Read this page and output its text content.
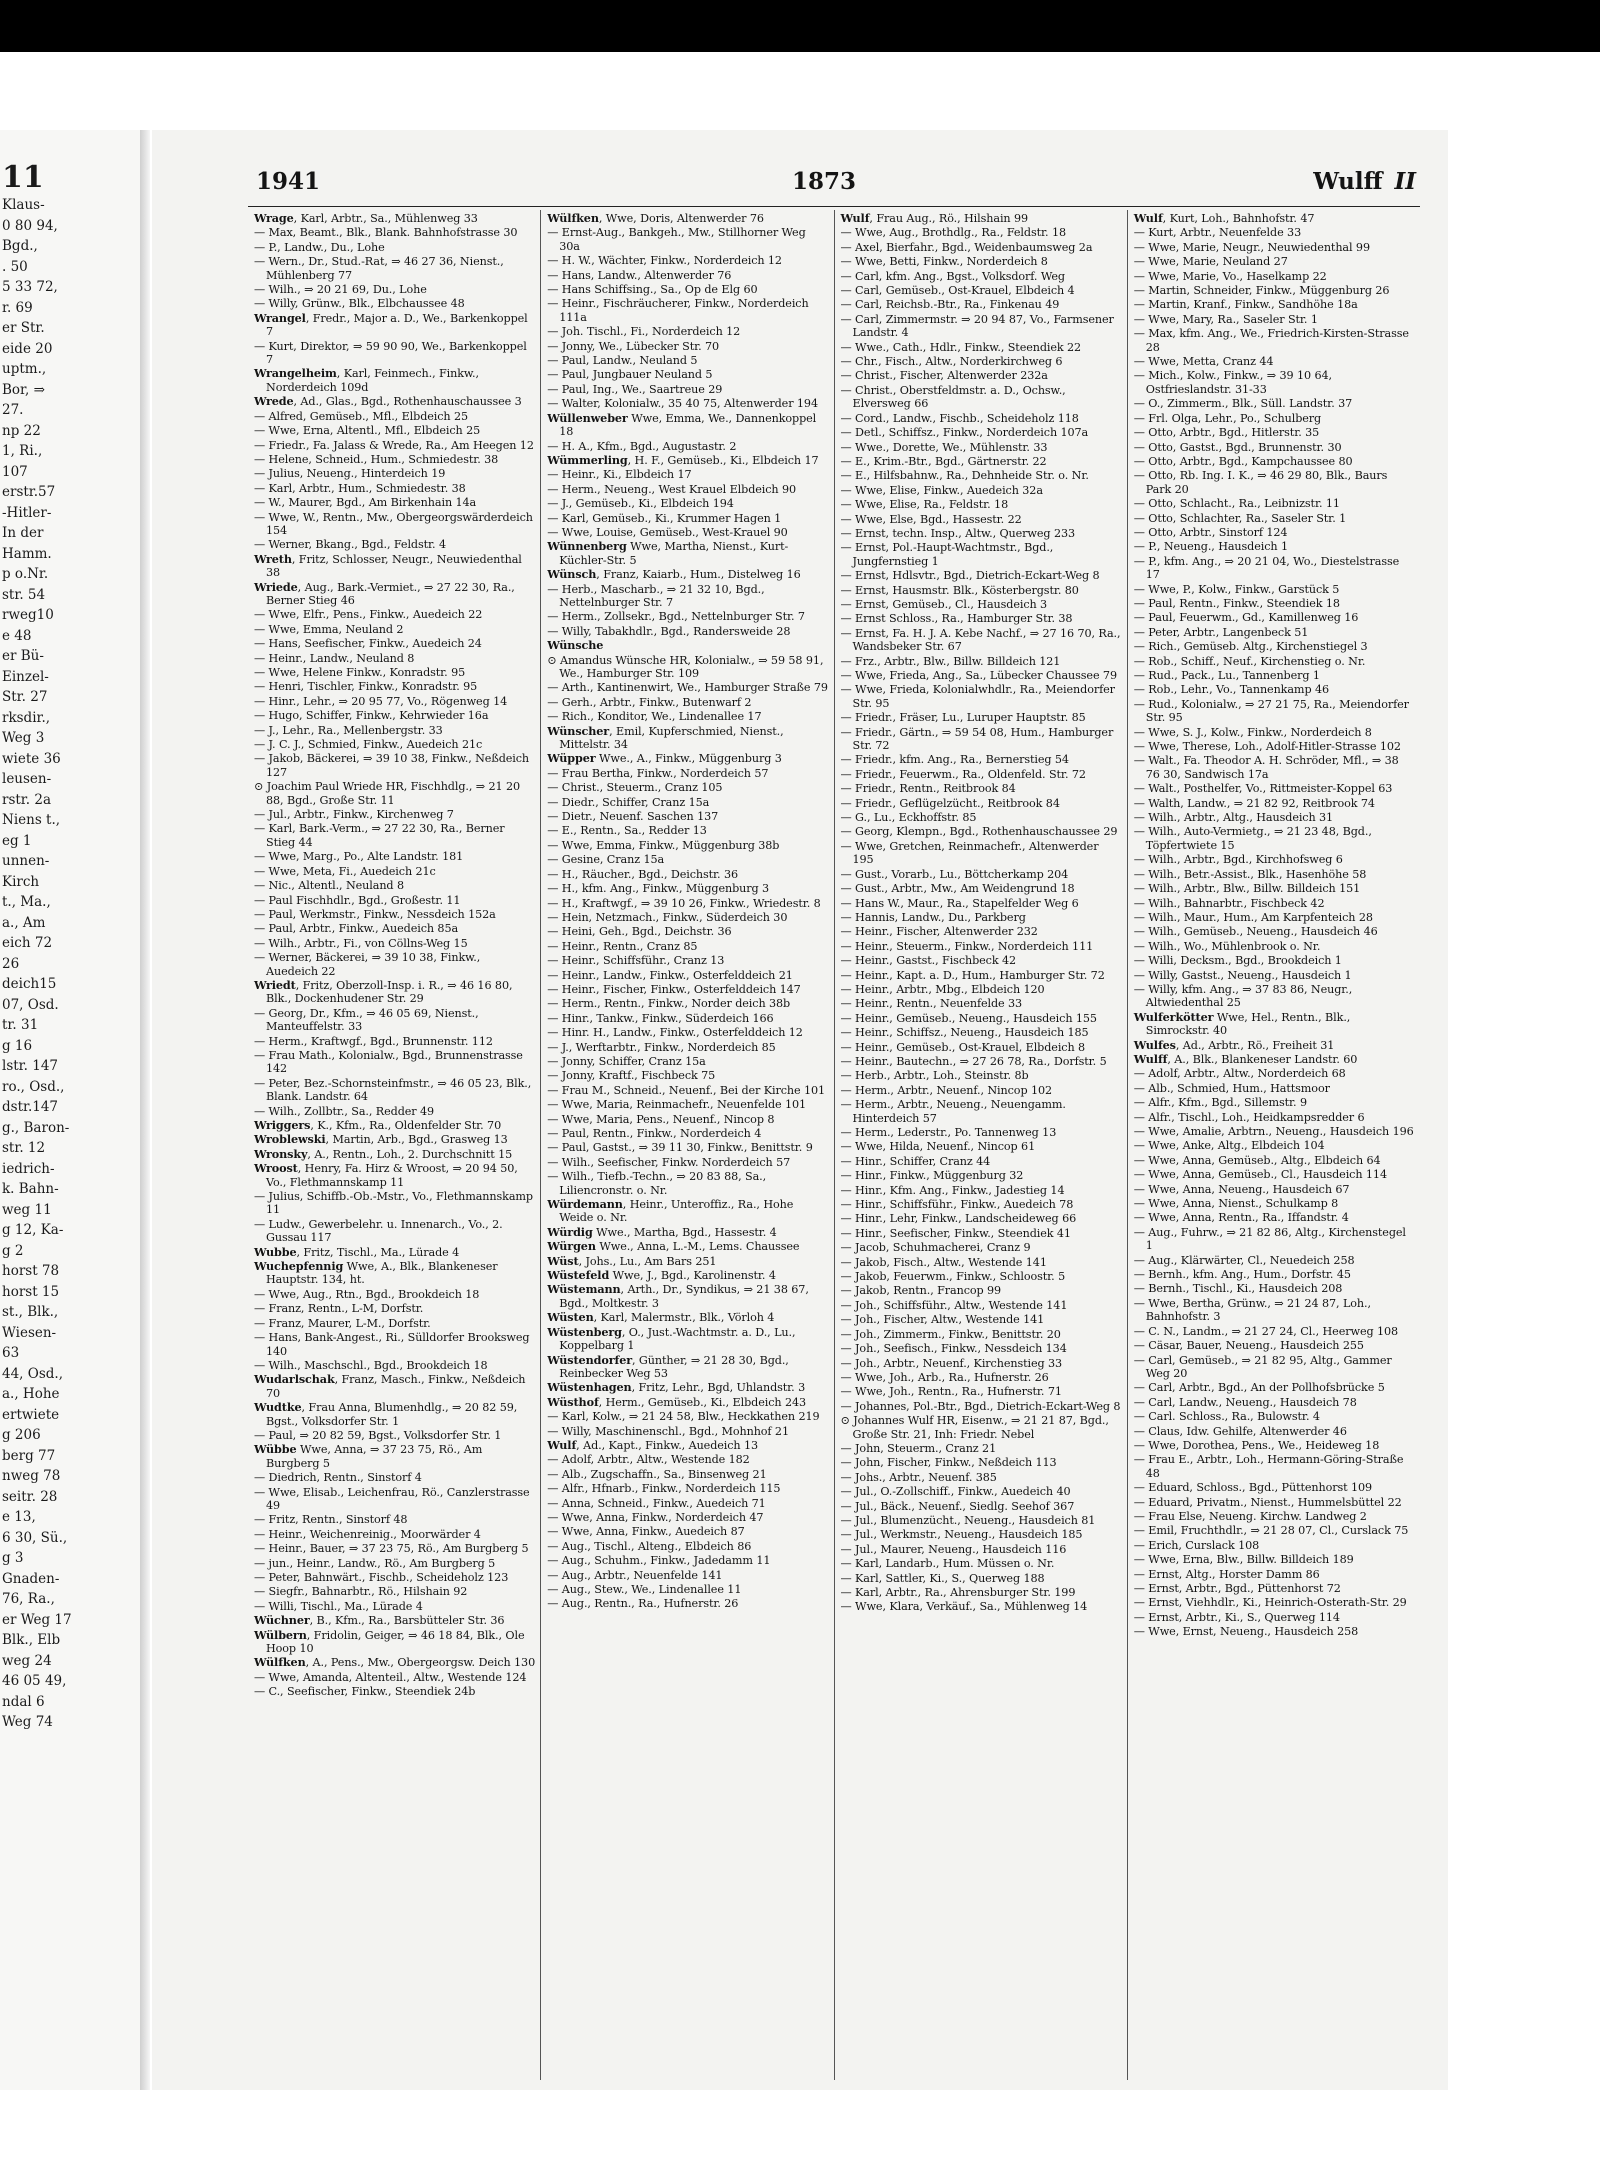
11
Klaus-
0 80 94,
Bgd.,
. 50
5 33 72,
r. 69
er Str.
eide 20
uptm.,
Bor, ⇒
27.
np 22
1, Ri.,
107
erstr.57
-Hitler-
In der
Hamm.
p o.Nr.
str. 54
rweg10
e 48
er Bü-
Einzel-
Str. 27
rksdir.,
Weg 3
wiete 36
leusen-
rstr. 2a
Niens t.,
eg 1
unnen-
Kirch
t., Ma.,
a., Am
eich 72
26
deich15
07, Osd.
tr. 31
g 16
lstr. 147
ro., Osd.,
dstr.147
g., Baron-
str. 12
iedrich-
k. Bahn-
weg 11
g 12, Ka-
g 2
horst 78
horst 15
st., Blk.,
Wiesen-
63
44, Osd.,
a., Hohe
ertwiete
g 206
berg 77
nweg 78
seitr. 28
e 13,
6 30, Sü.,
g 3
Gnaden-
76, Ra.,
er Weg 17
Blk., Elb
weg 24
46 05 49,
ndal 6
Weg 74
1941	1873	Wulff II
Wrage, Karl, Arbtr., Sa., Mühlenweg 33
— Max, Beamt., Blk., Blank. Bahnhofstrasse 30
— P., Landw., Du., Lohe
— Wern., Dr., Stud.-Rat, ⇒ 46 27 36, Nienst., Mühlenberg 77
— Wilh., ⇒ 20 21 69, Du., Lohe
— Willy, Grünw., Blk., Elbchaussee 48
Wrangel, Fredr., Major a. D., We., Barkenkoppel 7
— Kurt, Direktor, ⇒ 59 90 90, We., Barkenkoppel 7
Wrangelheim, Karl, Feinmech., Finkw., Norderdeich 109d
Wrede, Ad., Glas., Bgd., Rothenhauschaussee 3
— Alfred, Gemüseb., Mfl., Elbdeich 25
— Wwe, Erna, Altentl., Mfl., Elbdeich 25
— Friedr., Fa. Jalass & Wrede, Ra., Am Heegen 12
— Helene, Schneid., Hum., Schmiedestr. 38
— Julius, Neueng., Hinterdeich 19
— Karl, Arbtr., Hum., Schmiedestr. 38
— W., Maurer, Bgd., Am Birkenhain 14a
— Wwe, W., Rentn., Mw., Obergeorgswärderdeich 154
— Werner, Bkang., Bgd., Feldstr. 4
Wreth, Fritz, Schlosser, Neugr., Neuwiedenthal 38
Wriede, Aug., Bark.-Vermiet., ⇒ 27 22 30, Ra., Berner Stieg 46
— Wwe, Elfr., Pens., Finkw., Auedeich 22
— Wwe, Emma, Neuland 2
— Hans, Seefischer, Finkw., Auedeich 24
— Heinr., Landw., Neuland 8
— Wwe, Helene Finkw., Konradstr. 95
— Henri, Tischler, Finkw., Konradstr. 95
— Hinr., Lehr., ⇒ 20 95 77, Vo., Rögenweg 14
— Hugo, Schiffer, Finkw., Kehrwieder 16a
— J., Lehr., Ra., Mellenbergstr. 33
— J. C. J., Schmied, Finkw., Auedeich 21c
— Jakob, Bäckerei, ⇒ 39 10 38, Finkw., Neßdeich 127
⊙ Joachim Paul Wriede HR, Fischhdlg., ⇒ 21 20 88, Bgd., Große Str. 11
— Jul., Arbtr., Finkw., Kirchenweg 7
— Karl, Bark.-Verm., ⇒ 27 22 30, Ra., Berner Stieg 44
— Wwe, Marg., Po., Alte Landstr. 181
— Wwe, Meta, Fi., Auedeich 21c
— Nic., Altentl., Neuland 8
— Paul Fischhdlr., Bgd., Großestr. 11
— Paul, Werkmstr., Finkw., Nessdeich 152a
— Paul, Arbtr., Finkw., Auedeich 85a
— Wilh., Arbtr., Fi., von Cöllns-Weg 15
— Werner, Bäckerei, ⇒ 39 10 38, Finkw., Auedeich 22
Wriedt, Fritz, Oberzoll-Insp. i. R., ⇒ 46 16 80, Blk., Dockenhudener Str. 29
— Georg, Dr., Kfm., ⇒ 46 05 69, Nienst., Manteuffelstr. 33
— Herm., Kraftwgf., Bgd., Brunnenstr. 112
— Frau Math., Kolonialw., Bgd., Brunnenstrasse 142
— Peter, Bez.-Schornsteinfmstr., ⇒ 46 05 23, Blk., Blank. Landstr. 64
— Wilh., Zollbtr., Sa., Redder 49
Wriggers, K., Kfm., Ra., Oldenfelder Str. 70
Wroblewski, Martin, Arb., Bgd., Grasweg 13
Wronsky, A., Rentn., Loh., 2. Durchschnitt 15
Wroost, Henry, Fa. Hirz & Wroost, ⇒ 20 94 50, Vo., Flethmannskamp 11
— Julius, Schiffb.-Ob.-Mstr., Vo., Flethmannskamp 11
— Ludw., Gewerbelehr. u. Innenarch., Vo., 2. Gussau 117
Wubbe, Fritz, Tischl., Ma., Lürade 4
Wuchepfennig Wwe, A., Blk., Blankeneser Hauptstr. 134, ht.
— Wwe, Aug., Rtn., Bgd., Brookdeich 18
— Franz, Rentn., L-M, Dorfstr.
— Franz, Maurer, L-M., Dorfstr.
— Hans, Bank-Angest., Ri., Sülldorfer Brooksweg 140
— Wilh., Maschschl., Bgd., Brookdeich 18
Wudarlschak, Franz, Masch., Finkw., Neßdeich 70
Wudtke, Frau Anna, Blumenhdlg., ⇒ 20 82 59, Bgst., Volksdorfer Str. 1
— Paul, ⇒ 20 82 59, Bgst., Volksdorfer Str. 1
Wübbe Wwe, Anna, ⇒ 37 23 75, Rö., Am Burgberg 5
— Diedrich, Rentn., Sinstorf 4
— Wwe, Elisab., Leichenfrau, Rö., Canzlerstrasse 49
— Fritz, Rentn., Sinstorf 48
— Heinr., Weichenreinig., Moorwärder 4
— Heinr., Bauer, ⇒ 37 23 75, Rö., Am Burgberg 5
— jun., Heinr., Landw., Rö., Am Burgberg 5
— Peter, Bahnwärt., Fischb., Scheideholz 123
— Siegfr., Bahnarbtr., Rö., Hilshain 92
— Willi, Tischl., Ma., Lürade 4
Wüchner, B., Kfm., Ra., Barsbütteler Str. 36
Wülbern, Fridolin, Geiger, ⇒ 46 18 84, Blk., Ole Hoop 10
Wülfken, A., Pens., Mw., Obergeorgsw. Deich 130
— Wwe, Amanda, Altenteil., Altw., Westende 124
— C., Seefischer, Finkw., Steendiek 24b
Wülfken, Wwe, Doris, Altenwerder 76
— Ernst-Aug., Bankgeh., Mw., Stillhorner Weg 30a
— H. W., Wächter, Finkw., Norderdeich 12
— Hans, Landw., Altenwerder 76
— Hans Schiffsing., Sa., Op de Elg 60
— Heinr., Fischräucherer, Finkw., Norderdeich 111a
— Joh. Tischl., Fi., Norderdeich 12
— Jonny, We., Lübecker Str. 70
— Paul, Landw., Neuland 5
— Paul, Jungbauer Neuland 5
— Paul, Ing., We., Saartreue 29
— Walter, Kolonialw., 35 40 75, Altenwerder 194
Wüllenweber Wwe, Emma, We., Dannenkoppel 18
— H. A., Kfm., Bgd., Augustastr. 2
Wümmerling, H. F., Gemüseb., Ki., Elbdeich 17
— Heinr., Ki., Elbdeich 17
— Herm., Neueng., West Krauel Elbdeich 90
— J., Gemüseb., Ki., Elbdeich 194
— Karl, Gemüseb., Ki., Krummer Hagen 1
— Wwe, Louise, Gemüseb., West-Krauel 90
Wünnenberg Wwe, Martha, Nienst., Kurt-Küchler-Str. 5
Wünsch, Franz, Kaiarb., Hum., Distelweg 16
— Herb., Mascharb., ⇒ 21 32 10, Bgd., Nettelnburger Str. 7
— Herm., Zollsekr., Bgd., Nettelnburger Str. 7
— Willy, Tabakhdlr., Bgd., Randersweide 28
Wünsche
⊙ Amandus Wünsche HR, Kolonialw., ⇒ 59 58 91, We., Hamburger Str. 109
— Arth., Kantinenwirt, We., Hamburger Straße 79
— Gerh., Arbtr., Finkw., Butenwarf 2
— Rich., Konditor, We., Lindenallee 17
Wünscher, Emil, Kupferschmied, Nienst., Mittelstr. 34
Wüpper Wwe., A., Finkw., Müggenburg 3
— Frau Bertha, Finkw., Norderdeich 57
— Christ., Steuerm., Cranz 105
— Diedr., Schiffer, Cranz 15a
— Dietr., Neuenf. Saschen 137
— E., Rentn., Sa., Redder 13
— Wwe, Emma, Finkw., Müggenburg 38b
— Gesine, Cranz 15a
— H., Räucher., Bgd., Deichstr. 36
— H., kfm. Ang., Finkw., Müggenburg 3
— H., Kraftwgf., ⇒ 39 10 26, Finkw., Wriedestr. 8
— Hein, Netzmach., Finkw., Süderdeich 30
— Heini, Geh., Bgd., Deichstr. 36
— Heinr., Rentn., Cranz 85
— Heinr., Schiffsführ., Cranz 13
— Heinr., Landw., Finkw., Osterfelddeich 21
— Heinr., Fischer, Finkw., Osterfelddeich 147
— Herm., Rentn., Finkw., Norder deich 38b
— Hinr., Tankw., Finkw., Süderdeich 166
— Hinr. H., Landw., Finkw., Osterfelddeich 12
— J., Werftarbtr., Finkw., Norderdeich 85
— Jonny, Schiffer, Cranz 15a
— Jonny, Kraftf., Fischbeck 75
— Frau M., Schneid., Neuenf., Bei der Kirche 101
— Wwe, Maria, Reinmachefr., Neuenfelde 101
— Wwe, Maria, Pens., Neuenf., Nincop 8
— Paul, Rentn., Finkw., Norderdeich 4
— Paul, Gastst., ⇒ 39 11 30, Finkw., Benittstr. 9
— Wilh., Seefischer, Finkw. Norderdeich 57
— Wilh., Tiefb.-Techn., ⇒ 20 83 88, Sa., Liliencronstr. o. Nr.
Würdemann, Heinr., Unteroffiz., Ra., Hohe Weide o. Nr.
Würdig Wwe., Martha, Bgd., Hassestr. 4
Würgen Wwe., Anna, L.-M., Lems. Chaussee
Wüst, Johs., Lu., Am Bars 251
Wüstefeld Wwe, J., Bgd., Karolinenstr. 4
Wüstemann, Arth., Dr., Syndikus, ⇒ 21 38 67, Bgd., Moltkestr. 3
Wüsten, Karl, Malermstr., Blk., Vörloh 4
Wüstenberg, O., Just.-Wachtmstr. a. D., Lu., Koppelbarg 1
Wüstendorfer, Günther, ⇒ 21 28 30, Bgd., Reinbecker Weg 53
Wüstenhagen, Fritz, Lehr., Bgd, Uhlandstr. 3
Wüsthof, Herm., Gemüseb., Ki., Elbdeich 243
— Karl, Kolw., ⇒ 21 24 58, Blw., Heckkathen 219
— Willy, Maschinenschl., Bgd., Mohnhof 21
Wulf, Ad., Kapt., Finkw., Auedeich 13
— Adolf, Arbtr., Altw., Westende 182
— Alb., Zugschaffn., Sa., Binsenweg 21
— Alfr., Hfnarb., Finkw., Norderdeich 115
— Anna, Schneid., Finkw., Auedeich 71
— Wwe, Anna, Finkw., Norderdeich 47
— Wwe, Anna, Finkw., Auedeich 87
— Aug., Tischl., Alteng., Elbdeich 86
— Aug., Schuhm., Finkw., Jadedamm 11
— Aug., Arbtr., Neuenfelde 141
— Aug., Stew., We., Lindenallee 11
— Aug., Rentn., Ra., Hufnerstr. 26
Wulf, Frau Aug., Rö., Hilshain 99
— Wwe, Aug., Brothdlg., Ra., Feldstr. 18
— Axel, Bierfahr., Bgd., Weidenbaumsweg 2a
— Wwe, Betti, Finkw., Norderdeich 8
— Carl, kfm. Ang., Bgst., Volksdorf. Weg
— Carl, Gemüseb., Ost-Krauel, Elbdeich 4
— Carl, Reichsb.-Btr., Ra., Finkenau 49
— Carl, Zimmermstr. ⇒ 20 94 87, Vo., Farmsener Landstr. 4
— Wwe., Cath., Hdlr., Finkw., Steendiek 22
— Chr., Fisch., Altw., Norderkirchweg 6
— Christ., Fischer, Altenwerder 232a
— Christ., Oberstfeldmstr. a. D., Ochsw., Elversweg 66
— Cord., Landw., Fischb., Scheideholz 118
— Detl., Schiffsz., Finkw., Norderdeich 107a
— Wwe., Dorette, We., Mühlenstr. 33
— E., Krim.-Btr., Bgd., Gärtnerstr. 22
— E., Hilfsbahnw., Ra., Dehnheide Str. o. Nr.
— Wwe, Elise, Finkw., Auedeich 32a
— Wwe, Elise, Ra., Feldstr. 18
— Wwe, Else, Bgd., Hassestr. 22
— Ernst, techn. Insp., Altw., Querweg 233
— Ernst, Pol.-Haupt-Wachtmstr., Bgd., Jungfernstieg 1
— Ernst, Hdlsvtr., Bgd., Dietrich-Eckart-Weg 8
— Ernst, Hausmstr. Blk., Kösterbergstr. 80
— Ernst, Gemüseb., Cl., Hausdeich 3
— Ernst Schloss., Ra., Hamburger Str. 38
— Ernst, Fa. H. J. A. Kebe Nachf., ⇒ 27 16 70, Ra., Wandsbeker Str. 67
— Frz., Arbtr., Blw., Billw. Billdeich 121
— Wwe, Frieda, Ang., Sa., Lübecker Chaussee 79
— Wwe, Frieda, Kolonialwhdlr., Ra., Meiendorfer Str. 95
— Friedr., Fräser, Lu., Luruper Hauptstr. 85
— Friedr., Gärtn., ⇒ 59 54 08, Hum., Hamburger Str. 72
— Friedr., kfm. Ang., Ra., Bernerstieg 54
— Friedr., Feuerwm., Ra., Oldenfeld. Str. 72
— Friedr., Rentn., Reitbrook 84
— Friedr., Geflügelzücht., Reitbrook 84
— G., Lu., Eckhoffstr. 85
— Georg, Klempn., Bgd., Rothenhauschaussee 29
— Wwe, Gretchen, Reinmachefr., Altenwerder 195
— Gust., Vorarb., Lu., Böttcherkamp 204
— Gust., Arbtr., Mw., Am Weidengrund 18
— Hans W., Maur., Ra., Stapelfelder Weg 6
— Hannis, Landw., Du., Parkberg
— Heinr., Fischer, Altenwerder 232
— Heinr., Steuerm., Finkw., Norderdeich 111
— Heinr., Gastst., Fischbeck 42
— Heinr., Kapt. a. D., Hum., Hamburger Str. 72
— Heinr., Arbtr., Mbg., Elbdeich 120
— Heinr., Rentn., Neuenfelde 33
— Heinr., Gemüseb., Neueng., Hausdeich 155
— Heinr., Schiffsz., Neueng., Hausdeich 185
— Heinr., Gemüseb., Ost-Krauel, Elbdeich 8
— Heinr., Bautechn., ⇒ 27 26 78, Ra., Dorfstr. 5
— Herb., Arbtr., Loh., Steinstr. 8b
— Herm., Arbtr., Neuenf., Nincop 102
— Herm., Arbtr., Neueng., Neuengamm. Hinterdeich 57
— Herm., Lederstr., Po. Tannenweg 13
— Wwe, Hilda, Neuenf., Nincop 61
— Hinr., Schiffer, Cranz 44
— Hinr., Finkw., Müggenburg 32
— Hinr., Kfm. Ang., Finkw., Jadestieg 14
— Hinr., Schiffsführ., Finkw., Auedeich 78
— Hinr., Lehr, Finkw., Landscheideweg 66
— Hinr., Seefischer, Finkw., Steendiek 41
— Jacob, Schuhmacherei, Cranz 9
— Jakob, Fisch., Altw., Westende 141
— Jakob, Feuerwm., Finkw., Schloostr. 5
— Jakob, Rentn., Francop 99
— Joh., Schiffsführ., Altw., Westende 141
— Joh., Fischer, Altw., Westende 141
— Joh., Zimmerm., Finkw., Benittstr. 20
— Joh., Seefisch., Finkw., Nessdeich 134
— Joh., Arbtr., Neuenf., Kirchenstieg 33
— Wwe, Joh., Arb., Ra., Hufnerstr. 26
— Wwe, Joh., Rentn., Ra., Hufnerstr. 71
— Johannes, Pol.-Btr., Bgd., Dietrich-Eckart-Weg 8
⊙ Johannes Wulf HR, Eisenw., ⇒ 21 21 87, Bgd., Große Str. 21, Inh: Friedr. Nebel
— John, Steuerm., Cranz 21
— John, Fischer, Finkw., Neßdeich 113
— Johs., Arbtr., Neuenf. 385
— Jul., O.-Zollschiff., Finkw., Auedeich 40
— Jul., Bäck., Neuenf., Siedlg. Seehof 367
— Jul., Blumenzücht., Neueng., Hausdeich 81
— Jul., Werkmstr., Neueng., Hausdeich 185
— Jul., Maurer, Neueng., Hausdeich 116
— Karl, Landarb., Hum. Müssen o. Nr.
— Karl, Sattler, Ki., S., Querweg 188
— Karl, Arbtr., Ra., Ahrensburger Str. 199
— Wwe, Klara, Verkäuf., Sa., Mühlenweg 14
Wulf, Kurt, Loh., Bahnhofstr. 47
— Kurt, Arbtr., Neuenfelde 33
— Wwe, Marie, Neugr., Neuwiedenthal 99
— Wwe, Marie, Neuland 27
— Wwe, Marie, Vo., Haselkamp 22
— Martin, Schneider, Finkw., Müggenburg 26
— Martin, Kranf., Finkw., Sandhöhe 18a
— Wwe, Mary, Ra., Saseler Str. 1
— Max, kfm. Ang., We., Friedrich-Kirsten-Strasse 28
— Wwe, Metta, Cranz 44
— Mich., Kolw., Finkw., ⇒ 39 10 64, Ostfrieslandstr. 31-33
— O., Zimmerm., Blk., Süll. Landstr. 37
— Frl. Olga, Lehr., Po., Schulberg
— Otto, Arbtr., Bgd., Hitlerstr. 35
— Otto, Gastst., Bgd., Brunnenstr. 30
— Otto, Arbtr., Bgd., Kampchaussee 80
— Otto, Rb. Ing. I. K., ⇒ 46 29 80, Blk., Baurs Park 20
— Otto, Schlacht., Ra., Leibnizstr. 11
— Otto, Schlachter, Ra., Saseler Str. 1
— Otto, Arbtr., Sinstorf 124
— P., Neueng., Hausdeich 1
— P., kfm. Ang., ⇒ 20 21 04, Wo., Diestelstrasse 17
— Wwe, P., Kolw., Finkw., Garstück 5
— Paul, Rentn., Finkw., Steendiek 18
— Paul, Feuerwm., Gd., Kamillenweg 16
— Peter, Arbtr., Langenbeck 51
— Rich., Gemüseb. Altg., Kirchenstiegel 3
— Rob., Schiff., Neuf., Kirchenstieg o. Nr.
— Rud., Pack., Lu., Tannenberg 1
— Rob., Lehr., Vo., Tannenkamp 46
— Rud., Kolonialw., ⇒ 27 21 75, Ra., Meiendorfer Str. 95
— Wwe, S. J., Kolw., Finkw., Norderdeich 8
— Wwe, Therese, Loh., Adolf-Hitler-Strasse 102
— Walt., Fa. Theodor A. H. Schröder, Mfl., ⇒ 38 76 30, Sandwisch 17a
— Walt., Posthelfer, Vo., Rittmeister-Koppel 63
— Walth, Landw., ⇒ 21 82 92, Reitbrook 74
— Wilh., Arbtr., Altg., Hausdeich 31
— Wilh., Auto-Vermietg., ⇒ 21 23 48, Bgd., Töpfertwiete 15
— Wilh., Arbtr., Bgd., Kirchhofsweg 6
— Wilh., Betr.-Assist., Blk., Hasenhöhe 58
— Wilh., Arbtr., Blw., Billw. Billdeich 151
— Wilh., Bahnarbtr., Fischbeck 42
— Wilh., Maur., Hum., Am Karpfenteich 28
— Wilh., Gemüseb., Neueng., Hausdeich 46
— Wilh., Wo., Mühlenbrook o. Nr.
— Willi, Decksm., Bgd., Brookdeich 1
— Willy, Gastst., Neueng., Hausdeich 1
— Willy, kfm. Ang., ⇒ 37 83 86, Neugr., Altwiedenthal 25
Wulferkötter Wwe, Hel., Rentn., Blk., Simrockstr. 40
Wulfes, Ad., Arbtr., Rö., Freiheit 31
Wulff, A., Blk., Blankeneser Landstr. 60
— Adolf, Arbtr., Altw., Norderdeich 68
— Alb., Schmied, Hum., Hattsmoor
— Alfr., Kfm., Bgd., Sillemstr. 9
— Alfr., Tischl., Loh., Heidkampsredder 6
— Wwe, Amalie, Arbtrn., Neueng., Hausdeich 196
— Wwe, Anke, Altg., Elbdeich 104
— Wwe, Anna, Gemüseb., Altg., Elbdeich 64
— Wwe, Anna, Gemüseb., Cl., Hausdeich 114
— Wwe, Anna, Neueng., Hausdeich 67
— Wwe, Anna, Nienst., Schulkamp 8
— Wwe, Anna, Rentn., Ra., Iffandstr. 4
— Aug., Fuhrw., ⇒ 21 82 86, Altg., Kirchenstegel 1
— Aug., Klärwärter, Cl., Neuedeich 258
— Bernh., kfm. Ang., Hum., Dorfstr. 45
— Bernh., Tischl., Ki., Hausdeich 208
— Wwe, Bertha, Grünw., ⇒ 21 24 87, Loh., Bahnhofstr. 3
— C. N., Landm., ⇒ 21 27 24, Cl., Heerweg 108
— Cäsar, Bauer, Neueng., Hausdeich 255
— Carl, Gemüseb., ⇒ 21 82 95, Altg., Gammer Weg 20
— Carl, Arbtr., Bgd., An der Pollhofsbrücke 5
— Carl, Landw., Neueng., Hausdeich 78
— Carl. Schloss., Ra., Bulowstr. 4
— Claus, Idw. Gehilfe, Altenwerder 46
— Wwe, Dorothea, Pens., We., Heideweg 18
— Frau E., Arbtr., Loh., Hermann-Göring-Straße 48
— Eduard, Schloss., Bgd., Püttenhorst 109
— Eduard, Privatm., Nienst., Hummelsbüttel 22
— Frau Else, Neueng. Kirchw. Landweg 2
— Emil, Fruchthdlr., ⇒ 21 28 07, Cl., Curslack 75
— Erich, Curslack 108
— Wwe, Erna, Blw., Billw. Billdeich 189
— Ernst, Altg., Horster Damm 86
— Ernst, Arbtr., Bgd., Püttenhorst 72
— Ernst, Viehhdlr., Ki., Heinrich-Osterath-Str. 29
— Ernst, Arbtr., Ki., S., Querweg 114
— Wwe, Ernst, Neueng., Hausdeich 258
